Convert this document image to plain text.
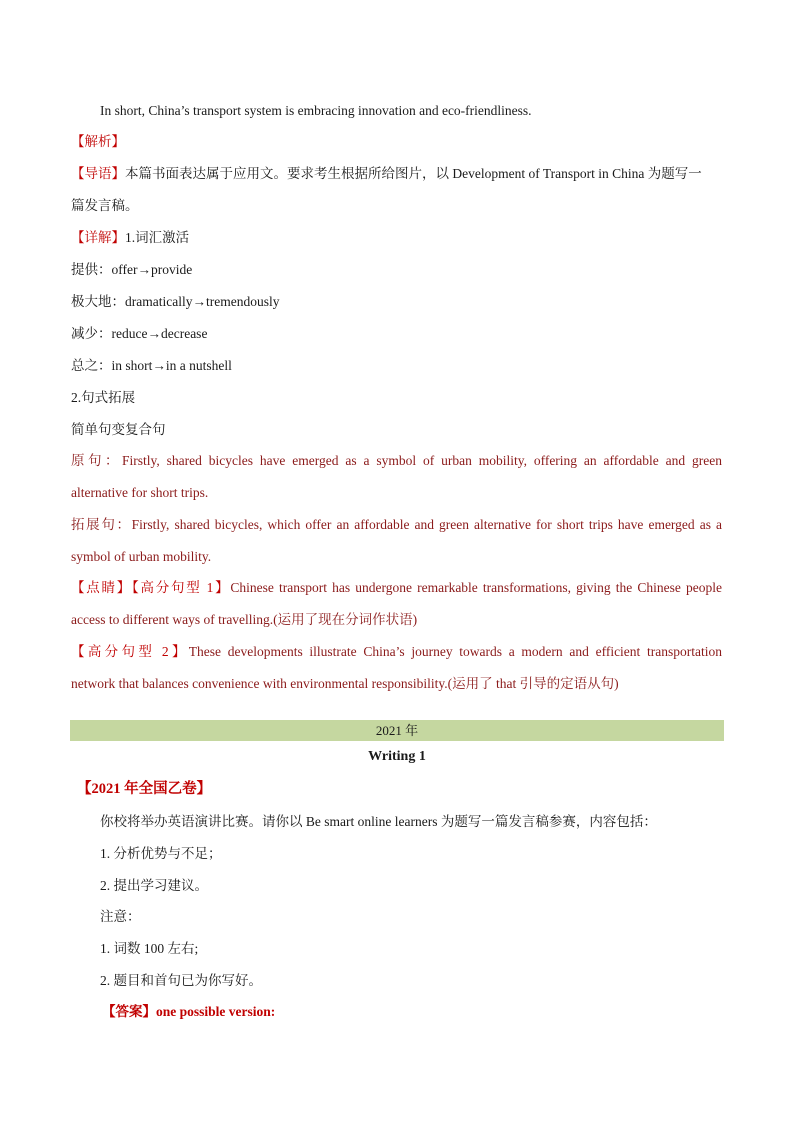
In short, China’s transport system is embracing innovation and eco-friendliness.
【解析】
【导语】本篇书面表达属于应用文。要求考生根据所给图片，以 Development of Transport in China 为题写一
篇发言稿。
【详解】1.词汇激活
提供：offer→provide
极大地：dramatically→tremendously
减少：reduce→decrease
总之：in short→in a nutshell
2.句式拓展
简单句变复合句
原句：Firstly, shared bicycles have emerged as a symbol of urban mobility, offering an affordable and green
alternative for short trips.
拓展句：Firstly, shared bicycles, which offer an affordable and green alternative for short trips have emerged as a
symbol of urban mobility.
【点睛】【高分句型 1】Chinese transport has undergone remarkable transformations, giving the Chinese people
access to different ways of travelling.(运用了现在分词作状语)
【高分句型 2】These developments illustrate China’s journey towards a modern and efficient transportation
network that balances convenience with environmental responsibility.(运用了 that 引导的定语从句)
2021 年
Writing 1
【2021 年全国乙卷】
你校将举办英语演讲比赛。请你以 Be smart online learners 为题写一篇发言稿参赛，内容包括：
1. 分析优势与不足；
2. 提出学习建议。
注意：
1. 词数 100 左右;
2. 题目和首句已为你写好。
【答案】one possible version:
